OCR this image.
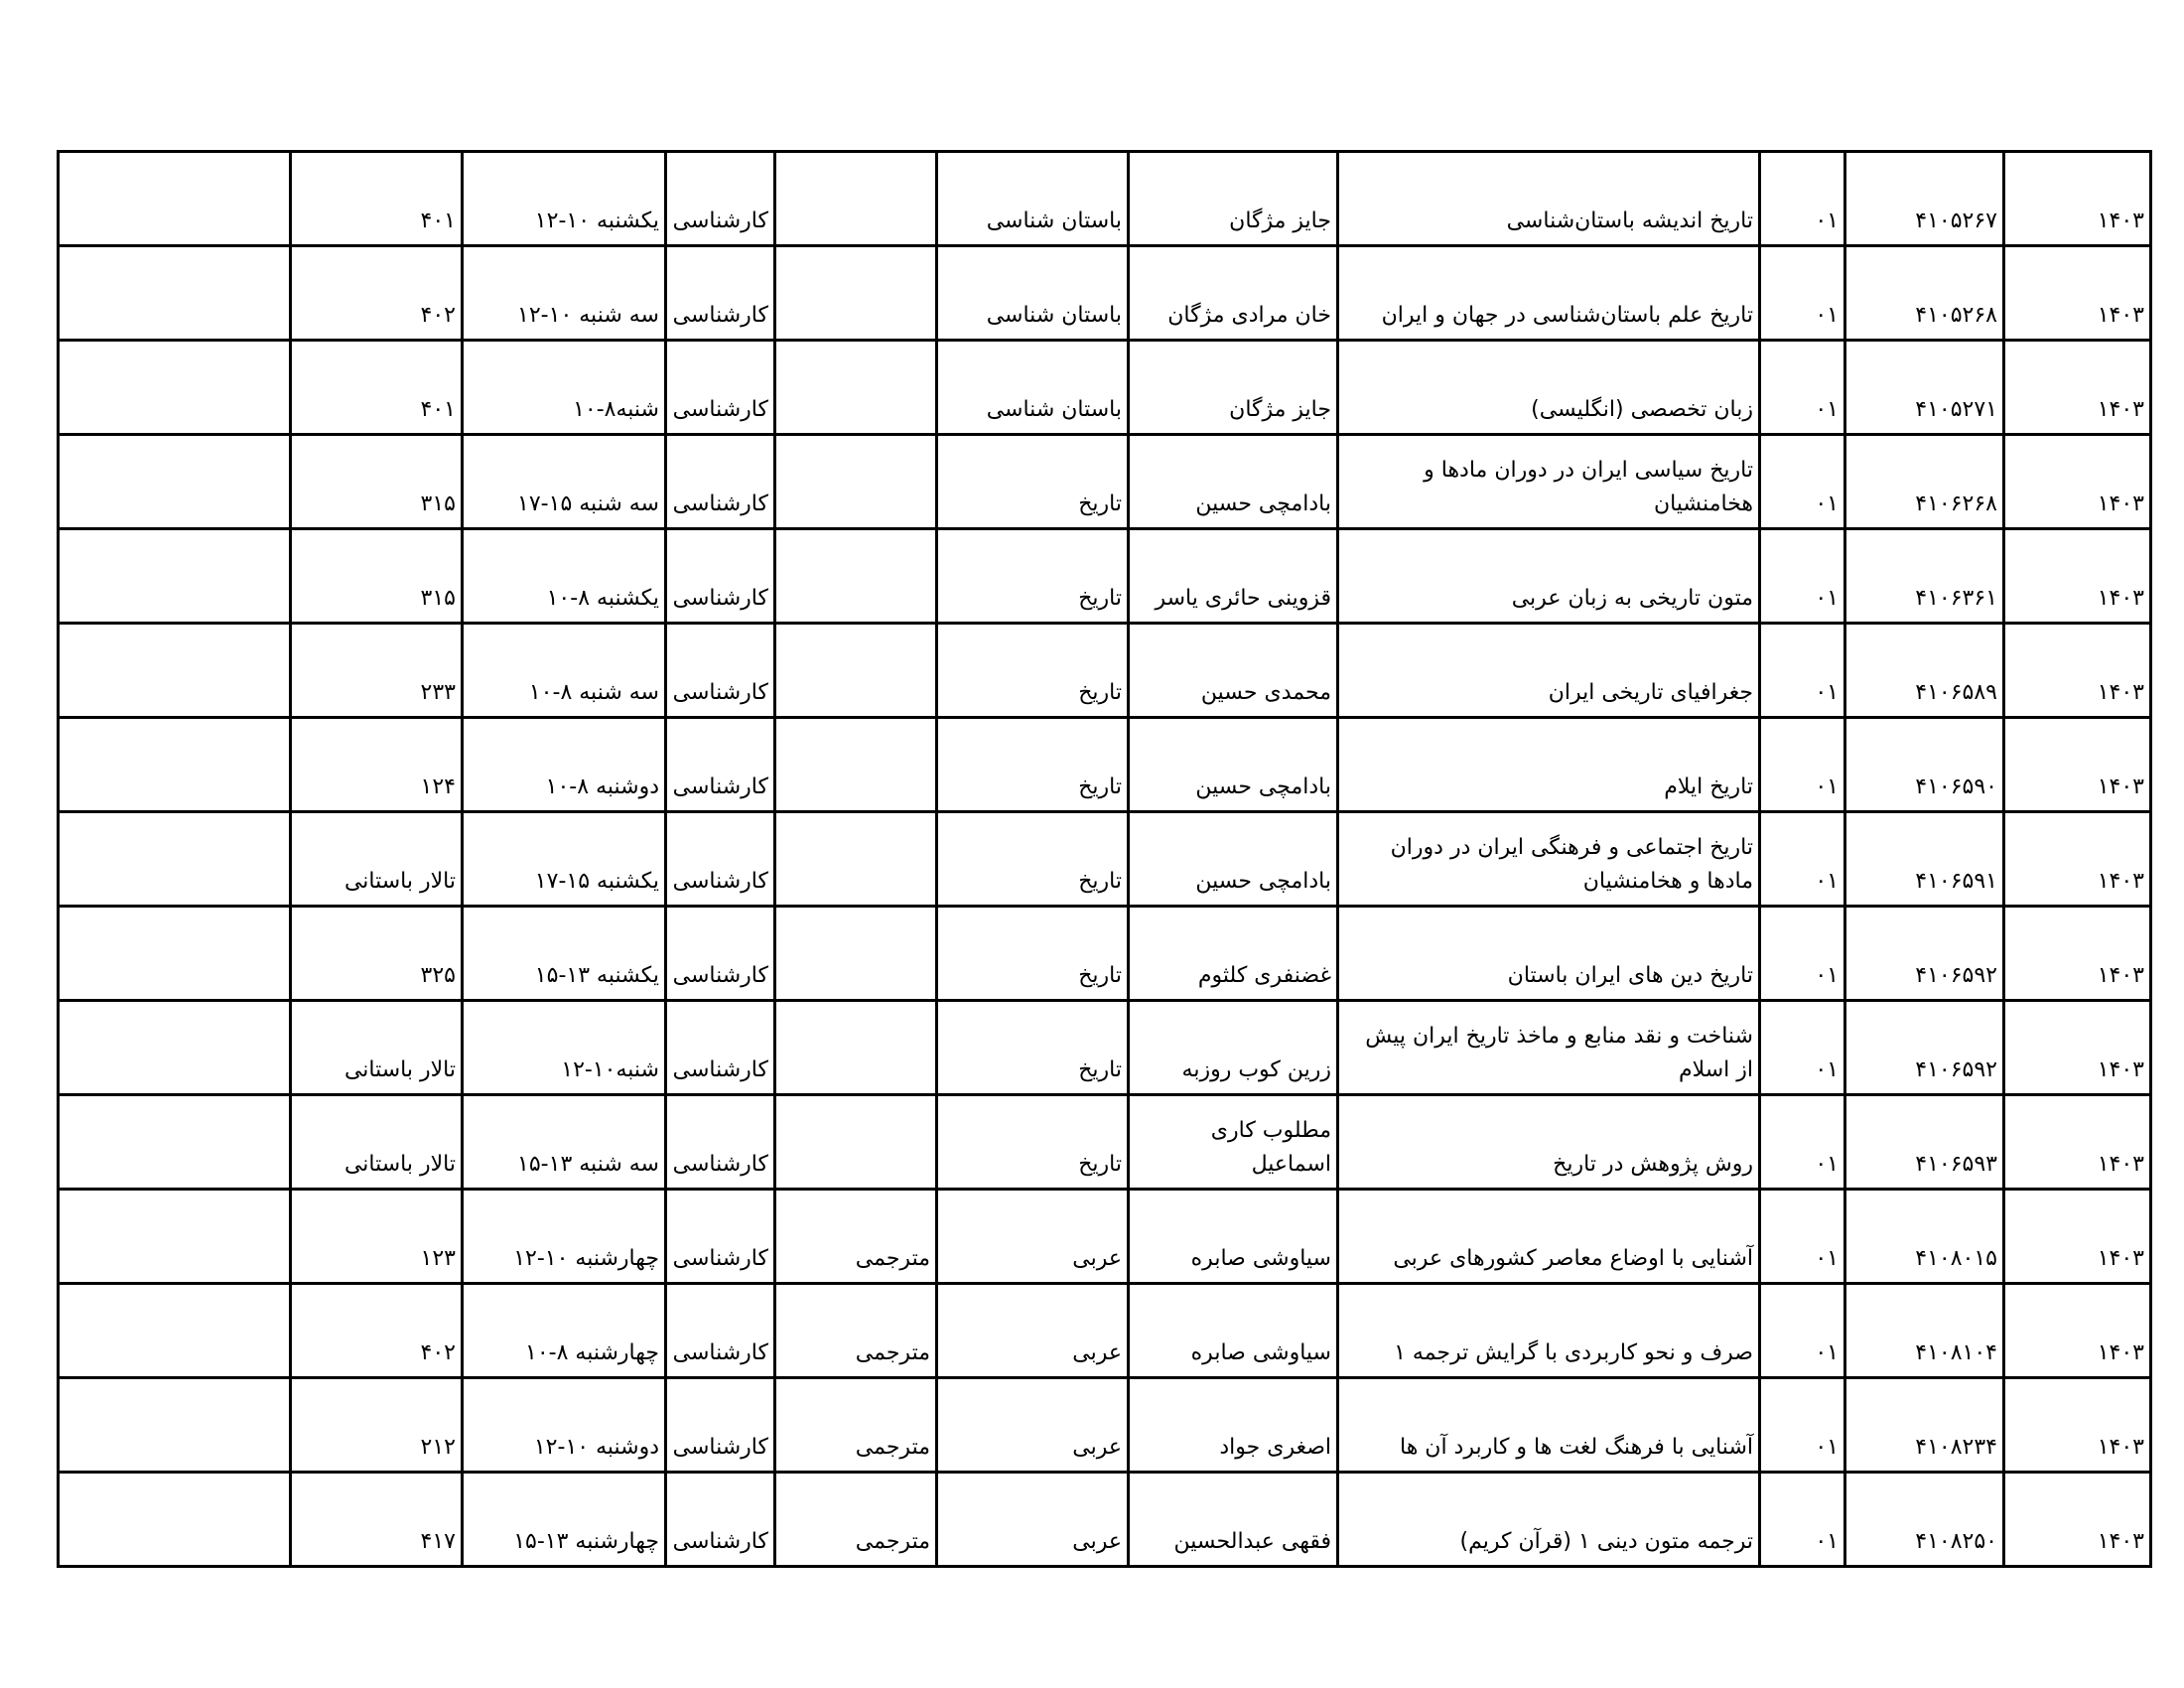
۱۴۰۳	۴۱۰۵۲۶۷	۰۱	تاریخ اندیشه باستان‌شناسی	جایز مژگان	باستان شناسی		کارشناسی	یکشنبه ۱۰-۱۲	۴۰۱	
۱۴۰۳	۴۱۰۵۲۶۸	۰۱	تاریخ علم باستان‌شناسی در جهان و ایران	خان مرادی مژگان	باستان شناسی		کارشناسی	سه شنبه ۱۰-۱۲	۴۰۲	
۱۴۰۳	۴۱۰۵۲۷۱	۰۱	زبان تخصصی (انگلیسی)	جایز مژگان	باستان شناسی		کارشناسی	شنبه۸-۱۰	۴۰۱	
۱۴۰۳	۴۱۰۶۲۶۸	۰۱	تاریخ سیاسی ایران در دوران مادها و هخامنشیان	بادامچی حسین	تاریخ		کارشناسی	سه شنبه ۱۵-۱۷	۳۱۵	
۱۴۰۳	۴۱۰۶۳۶۱	۰۱	متون تاریخی به زبان عربی	قزوینی حائری یاسر	تاریخ		کارشناسی	یکشنبه ۸-۱۰	۳۱۵	
۱۴۰۳	۴۱۰۶۵۸۹	۰۱	جغرافیای تاریخی ایران	محمدی حسین	تاریخ		کارشناسی	سه شنبه ۸-۱۰	۲۳۳	
۱۴۰۳	۴۱۰۶۵۹۰	۰۱	تاریخ ایلام	بادامچی حسین	تاریخ		کارشناسی	دوشنبه ۸-۱۰	۱۲۴	
۱۴۰۳	۴۱۰۶۵۹۱	۰۱	تاریخ اجتماعی و فرهنگی ایران در دوران مادها و هخامنشیان	بادامچی حسین	تاریخ		کارشناسی	یکشنبه ۱۵-۱۷	تالار باستانی	
۱۴۰۳	۴۱۰۶۵۹۲	۰۱	تاریخ دین های ایران باستان	غضنفری کلثوم	تاریخ		کارشناسی	یکشنبه ۱۳-۱۵	۳۲۵	
۱۴۰۳	۴۱۰۶۵۹۲	۰۱	شناخت و نقد منابع و ماخذ تاریخ ایران پیش از اسلام	زرین کوب روزبه	تاریخ		کارشناسی	شنبه۱۰-۱۲	تالار باستانی	
۱۴۰۳	۴۱۰۶۵۹۳	۰۱	روش پژوهش در تاریخ	مطلوب کاری اسماعیل	تاریخ		کارشناسی	سه شنبه ۱۳-۱۵	تالار باستانی	
۱۴۰۳	۴۱۰۸۰۱۵	۰۱	آشنایی با اوضاع معاصر کشورهای عربی	سیاوشی صابره	عربی	مترجمی	کارشناسی	چهارشنبه ۱۰-۱۲	۱۲۳	
۱۴۰۳	۴۱۰۸۱۰۴	۰۱	صرف و نحو کاربردی با گرایش ترجمه ۱	سیاوشی صابره	عربی	مترجمی	کارشناسی	چهارشنبه ۸-۱۰	۴۰۲	
۱۴۰۳	۴۱۰۸۲۳۴	۰۱	آشنایی با فرهنگ لغت ها و کاربرد آن ها	اصغری جواد	عربی	مترجمی	کارشناسی	دوشنبه ۱۰-۱۲	۲۱۲	
۱۴۰۳	۴۱۰۸۲۵۰	۰۱	ترجمه متون دینی ۱ (قرآن کریم)	فقهی عبدالحسین	عربی	مترجمی	کارشناسی	چهارشنبه ۱۳-۱۵	۴۱۷	
